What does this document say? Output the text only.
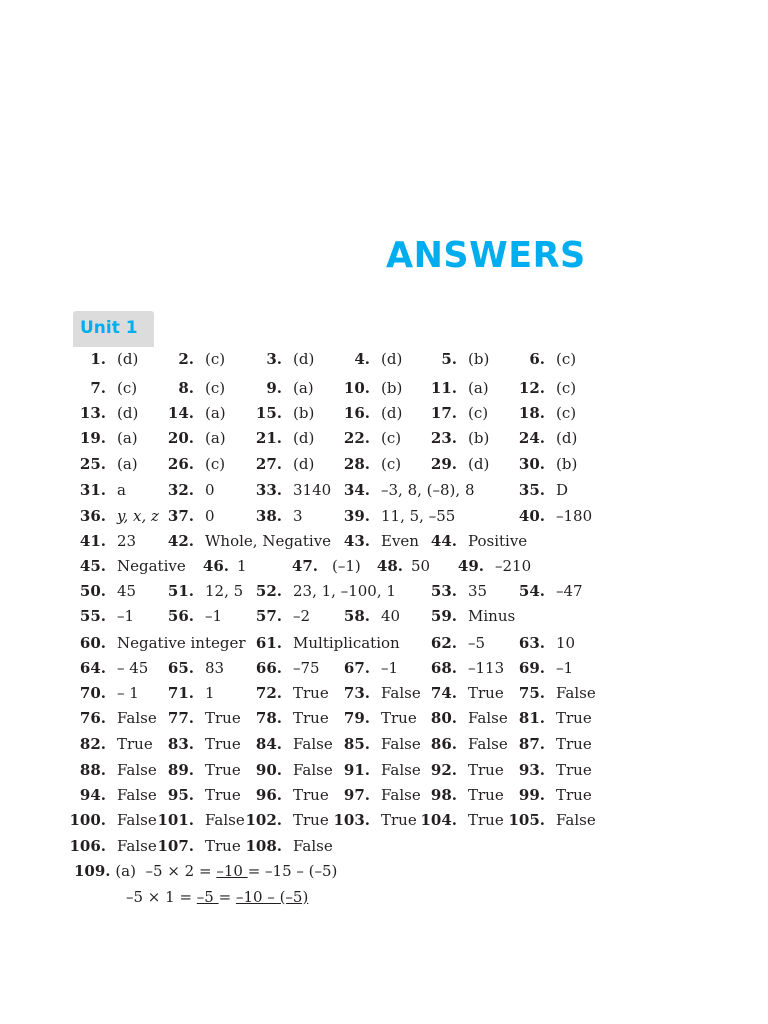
ANSWERS
Unit 1
1. (d)	2. (c)	3. (d)	4. (d)	5. (b)	6. (c)
7. (c)	8. (c)	9. (a) 10. (b) 11. (a) 12. (c)
13. (d) 14. (a) 15. (b) 16. (d) 17. (c) 18. (c)
19. (a) 20. (a) 21. (d) 22. (c) 23. (b) 24. (d)
25. (a) 26. (c) 27. (d) 28. (c) 29. (d) 30. (b)
31. a	32. 0	33. 3140 34. –3, 8, (–8), 8	35. D
36. y, x, z 37. 0	38. 3	39. 11, 5, –55	40. –180
41. 23 42. Whole, Negative 43. Even 44. Positive
45. Negative 46. 1	47. (–1) 48. 50 49. –210
50. 45 51. 12, 5 52. 23, 1, –100, 1 53. 35 54. –47
55. –1 56. –1 57. –2 58. 40 59. Minus
60. Negative integer 61. Multiplication 62. –5 63. 10
64. – 45 65. 83 66. –75 67. –1 68. –113 69. –1
70. – 1 71. 1	72. True 73. False 74. True 75. False
76. False 77. True 78. True 79. True 80. False 81. True
82. True 83. True 84. False 85. False 86. False 87. True
88. False 89. True 90. False 91. False 92. True 93. True
94. False 95. True 96. True 97. False 98. True 99. True
100. False 101. False 102. True 103. True 104. True 105. False
106. False 107. True 108. False
109. (a) –5 × 2 = –10 = –15 – (–5)
–5 × 1 = –5 = –10 – (–5)
